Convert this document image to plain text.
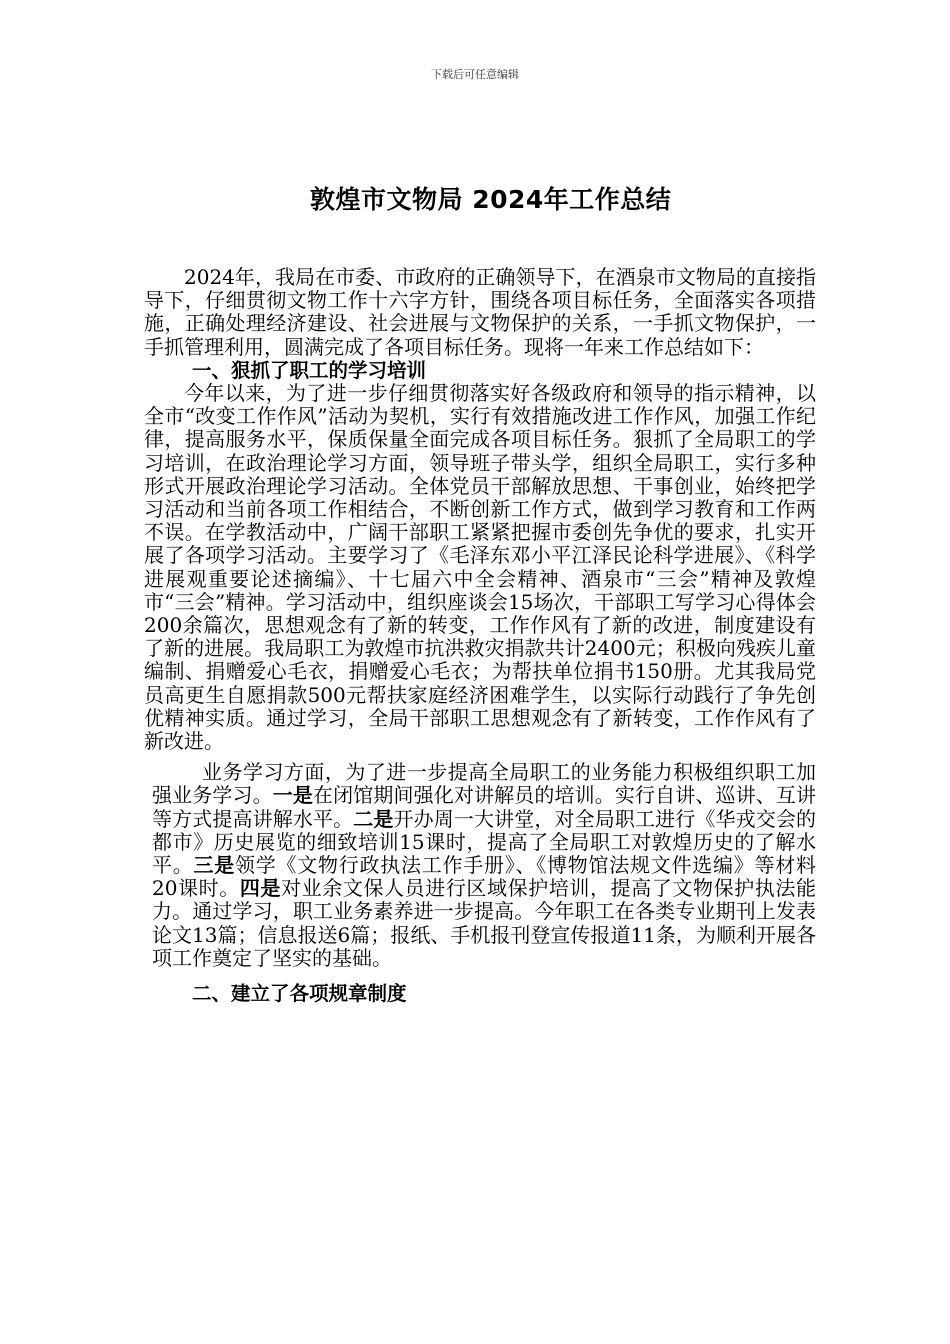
下载后可任意编辑
敦煌市文物局 2024年工作总结

2024年，我局在市委、市政府的正确领导下，在酒泉市文物局的直接指导下，仔细贯彻文物工作十六字方针，围绕各项目标任务，全面落实各项措施，正确处理经济建设、社会进展与文物保护的关系，一手抓文物保护，一手抓管理利用，圆满完成了各项目标任务。现将一年来工作总结如下：

一、狠抓了职工的学习培训

今年以来，为了进一步仔细贯彻落实好各级政府和领导的指示精神，以全市“改变工作作风”活动为契机，实行有效措施改进工作作风，加强工作纪律，提高服务水平，保质保量全面完成各项目标任务。狠抓了全局职工的学习培训，在政治理论学习方面，领导班子带头学，组织全局职工，实行多种形式开展政治理论学习活动。全体党员干部解放思想、干事创业，始终把学习活动和当前各项工作相结合，不断创新工作方式，做到学习教育和工作两不误。在学教活动中，广阔干部职工紧紧把握市委创先争优的要求，扎实开展了各项学习活动。主要学习了《毛泽东邓小平江泽民论科学进展》、《科学进展观重要论述摘编》、十七届六中全会精神、酒泉市“三会”精神及敦煌市“三会”精神。学习活动中，组织座谈会15场次，干部职工写学习心得体会200余篇次，思想观念有了新的转变，工作作风有了新的改进，制度建设有了新的进展。我局职工为敦煌市抗洪救灾捐款共计2400元；积极向残疾儿童编制、捐赠爱心毛衣，捐赠爱心毛衣；为帮扶单位捐书150册。尤其我局党员高更生自愿捐款500元帮扶家庭经济困难学生，以实际行动践行了争先创优精神实质。通过学习，全局干部职工思想观念有了新转变，工作作风有了新改进。

业务学习方面，为了进一步提高全局职工的业务能力积极组织职工加强业务学习。一是在闭馆期间强化对讲解员的培训。实行自讲、巡讲、互讲等方式提高讲解水平。二是开办周一大讲堂，对全局职工进行《华戎交会的都市》历史展览的细致培训15课时，提高了全局职工对敦煌历史的了解水平。三是领学《文物行政执法工作手册》、《博物馆法规文件选编》等材料20课时。四是对业余文保人员进行区域保护培训，提高了文物保护执法能力。通过学习，职工业务素养进一步提高。今年职工在各类专业期刊上发表论文13篇；信息报送6篇；报纸、手机报刊登宣传报道11条，为顺利开展各项工作奠定了坚实的基础。

二、建立了各项规章制度
